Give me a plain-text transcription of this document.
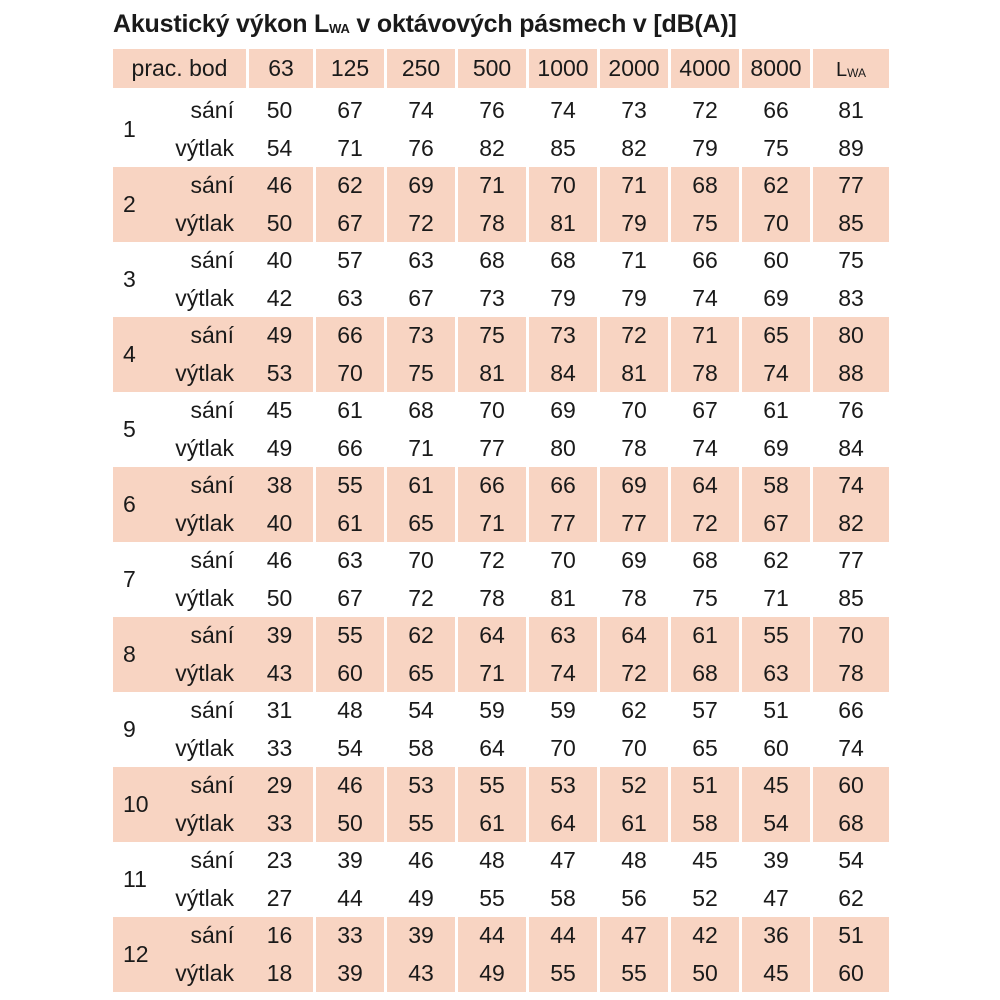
Akustický výkon $L_{WA}$ v oktávových pásmech v [dB(A)]
prac. bod	63	125	250	500	1000 2000 4000 8000	$L_{WA}$
1
sání	50	67	74	76	74	73	72	66	81
výtlak	54	71	76	82	85	82	79	75	89
2
sání	46	62	69	71	70	71	68	62	77
výtlak	50	67	72	78	81	79	75	70	85
3
sání	40	57	63	68	68	71	66	60	75
výtlak	42	63	67	73	79	79	74	69	83
4
sání	49	66	73	75	73	72	71	65	80
výtlak	53	70	75	81	84	81	78	74	88
5
sání	45	61	68	70	69	70	67	61	76
výtlak	49	66	71	77	80	78	74	69	84
6
sání	38	55	61	66	66	69	64	58	74
výtlak	40	61	65	71	77	77	72	67	82
7
sání	46	63	70	72	70	69	68	62	77
výtlak	50	67	72	78	81	78	75	71	85
8
sání	39	55	62	64	63	64	61	55	70
výtlak	43	60	65	71	74	72	68	63	78
9
sání	31	48	54	59	59	62	57	51	66
výtlak	33	54	58	64	70	70	65	60	74
10
sání	29	46	53	55	53	52	51	45	60
výtlak	33	50	55	61	64	61	58	54	68
11
sání	23	39	46	48	47	48	45	39	54
výtlak	27	44	49	55	58	56	52	47	62
12
sání	16	33	39	44	44	47	42	36	51
výtlak	18	39	43	49	55	55	50	45	60
